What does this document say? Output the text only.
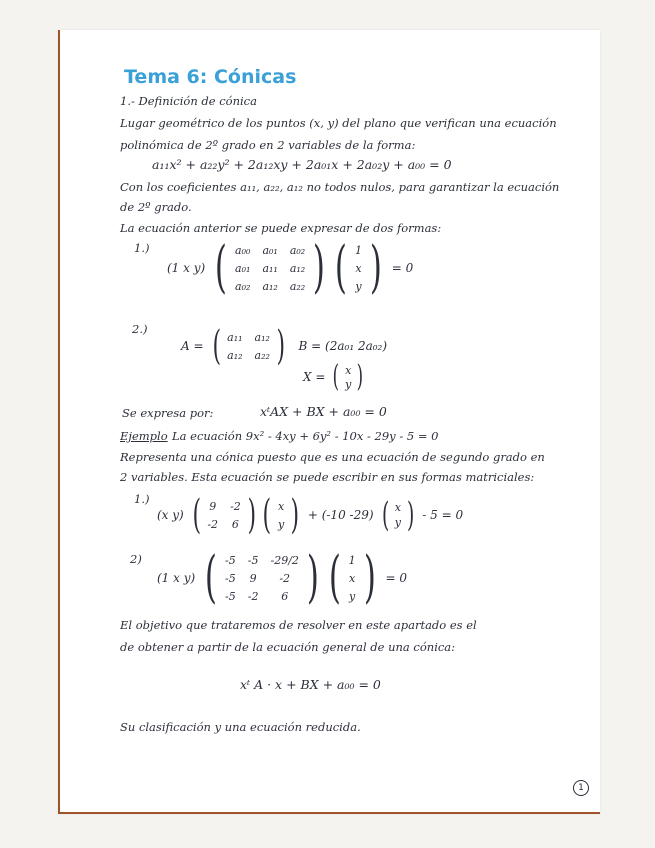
Tema 6: Cónicas
1.- Definición de cónica
Lugar geométrico de los puntos (x, y) del plano que verifican una ecuación
polinómica de 2º grado en 2 variables de la forma:
a₁₁x² + a₂₂y² + 2a₁₂xy + 2a₀₁x + 2a₀₂y + a₀₀ = 0
Con los coeficientes a₁₁, a₂₂, a₁₂ no todos nulos, para garantizar la ecuación
de 2º grado.
La ecuación anterior se puede expresar de dos formas:
1.)
(1 x y) ( a₀₀ a₀₁ a₀₂
a₀₁ a₁₁ a₁₂
a₀₂ a₁₂ a₂₂ ) ( 1
x
y ) = 0
2.)
A = ( a₁₁ a₁₂
a₁₂ a₂₂ )	B = (2a₀₁ 2a₀₂)
X = ( x
y )
Se expresa por:	xᵗAX + BX + a₀₀ = 0
Ejemplo La ecuación 9x² - 4xy + 6y² - 10x - 29y - 5 = 0
Representa una cónica puesto que es una ecuación de segundo grado en
2 variables. Esta ecuación se puede escribir en sus formas matriciales:
1.)
(x y) ( 9 -2
-2 6 ) ( x
y ) + (-10 -29) ( x
y ) - 5 = 0
2)
(1 x y) ( -5 -5 -29/2
-5 9	-2
-5 -2	6 ) ( 1
x
y ) = 0
El objetivo que trataremos de resolver en este apartado es el
de obtener a partir de la ecuación general de una cónica:
xᵗ A · x + BX + a₀₀ = 0
Su clasificación y una ecuación reducida.
1
